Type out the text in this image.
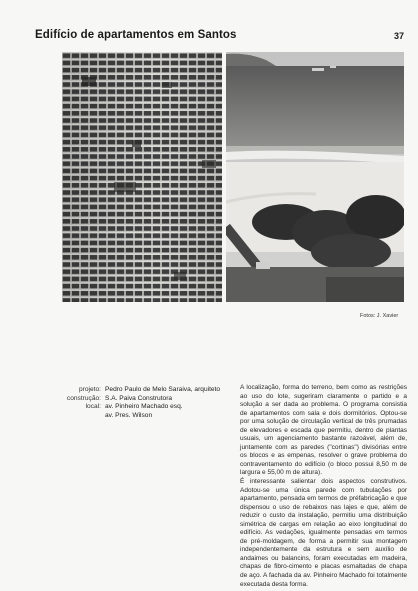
Edifício de apartamentos em Santos	37
Fotos: J. Xavier
projeto: Pedro Paulo de Melo Saraiva, arquiteto
construção: S.A. Paiva Construtora
local: av. Pinheiro Machado esq.
av. Pres. Wilson

A localização, forma do terreno, bem como as restrições ao uso do lote, sugeriram claramente o partido e a solução a ser dada ao problema. O programa consistia de apartamentos com sala e dois dormitórios. Optou-se por uma solução de circulação vertical de três prumadas de elevadores e escada que permitiu, dentro de plantas usuais, um agenciamento bastante razoável, além de, juntamente com as paredes ("cortinas") divisórias entre os blocos e as empenas, resolver o grave problema do contraventamento do edifício (o bloco possui 8,50 m de largura e 55,00 m de altura).

É interessante salientar dois aspectos construtivos. Adotou-se uma única parede com tubulações por apartamento, pensada em termos de préfabricação e que dispensou o uso de rebaixos nas lajes e que, além de reduzir o custo da instalação, permitiu uma distribuição simétrica de cargas em relação ao eixo longitudinal do edifício. As vedações, igualmente pensadas em termos de pré-moldagem, de forma a permitir sua montagem independentemente da estrutura e sem auxílio de andaimes ou balancins, foram executadas em madeira, chapas de fibro-cimento e placas esmaltadas de chapa de aço. A fachada da av. Pinheiro Machado foi totalmente executada desta forma.
